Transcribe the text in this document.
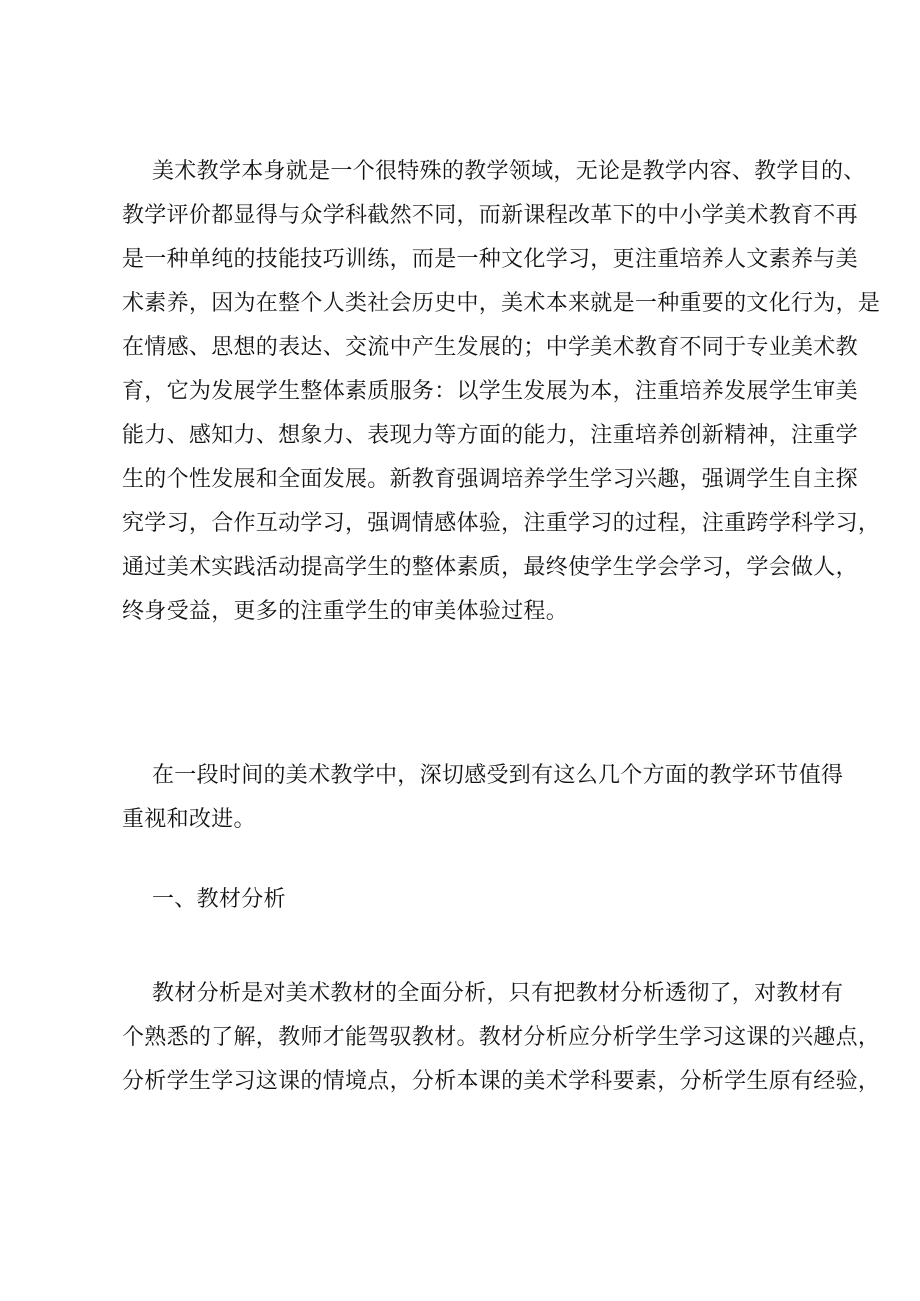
美术教学本身就是一个很特殊的教学领域，无论是教学内容、教学目的、
教学评价都显得与众学科截然不同，而新课程改革下的中小学美术教育不再
是一种单纯的技能技巧训练，而是一种文化学习，更注重培养人文素养与美
术素养，因为在整个人类社会历史中，美术本来就是一种重要的文化行为，是
在情感、思想的表达、交流中产生发展的；中学美术教育不同于专业美术教
育，它为发展学生整体素质服务：以学生发展为本，注重培养发展学生审美
能力、感知力、想象力、表现力等方面的能力，注重培养创新精神，注重学
生的个性发展和全面发展。新教育强调培养学生学习兴趣，强调学生自主探
究学习，合作互动学习，强调情感体验，注重学习的过程，注重跨学科学习，
通过美术实践活动提高学生的整体素质，最终使学生学会学习，学会做人，
终身受益，更多的注重学生的审美体验过程。
在一段时间的美术教学中，深切感受到有这么几个方面的教学环节值得
重视和改进。
一、教材分析
教材分析是对美术教材的全面分析，只有把教材分析透彻了，对教材有
个熟悉的了解，教师才能驾驭教材。教材分析应分析学生学习这课的兴趣点，
分析学生学习这课的情境点，分析本课的美术学科要素，分析学生原有经验，
